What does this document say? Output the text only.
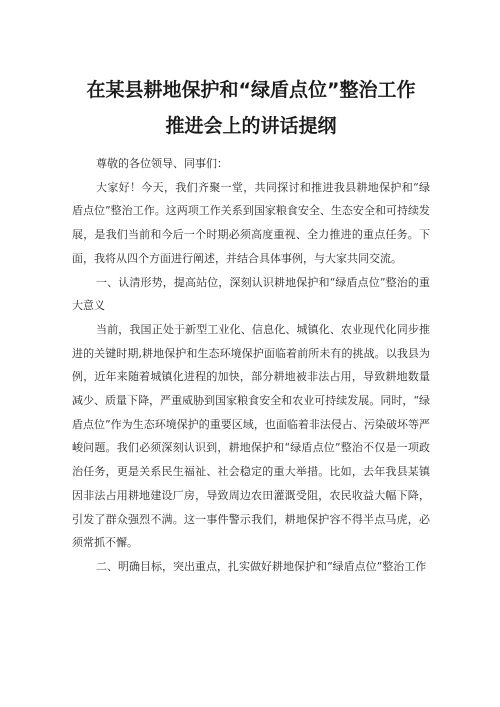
在某县耕地保护和“绿盾点位”整治工作
推进会上的讲话提纲

尊敬的各位领导、同事们：

大家好！今天，我们齐聚一堂，共同探讨和推进我县耕地保护和“绿盾点位”整治工作。这两项工作关系到国家粮食安全、生态安全和可持续发展，是我们当前和今后一个时期必须高度重视、全力推进的重点任务。下面，我将从四个方面进行阐述，并结合具体事例，与大家共同交流。

一、认清形势，提高站位，深刻认识耕地保护和“绿盾点位”整治的重大意义

当前，我国正处于新型工业化、信息化、城镇化、农业现代化同步推进的关键时期,耕地保护和生态环境保护面临着前所未有的挑战。以我县为例，近年来随着城镇化进程的加快，部分耕地被非法占用，导致耕地数量减少、质量下降，严重威胁到国家粮食安全和农业可持续发展。同时，“绿盾点位”作为生态环境保护的重要区域，也面临着非法侵占、污染破坏等严峻问题。我们必须深刻认识到，耕地保护和“绿盾点位”整治不仅是一项政治任务，更是关系民生福祉、社会稳定的重大举措。比如，去年我县某镇因非法占用耕地建设厂房，导致周边农田灌溉受阻，农民收益大幅下降，引发了群众强烈不满。这一事件警示我们，耕地保护容不得半点马虎，必须常抓不懈。

二、明确目标，突出重点，扎实做好耕地保护和“绿盾点位”整治工作
